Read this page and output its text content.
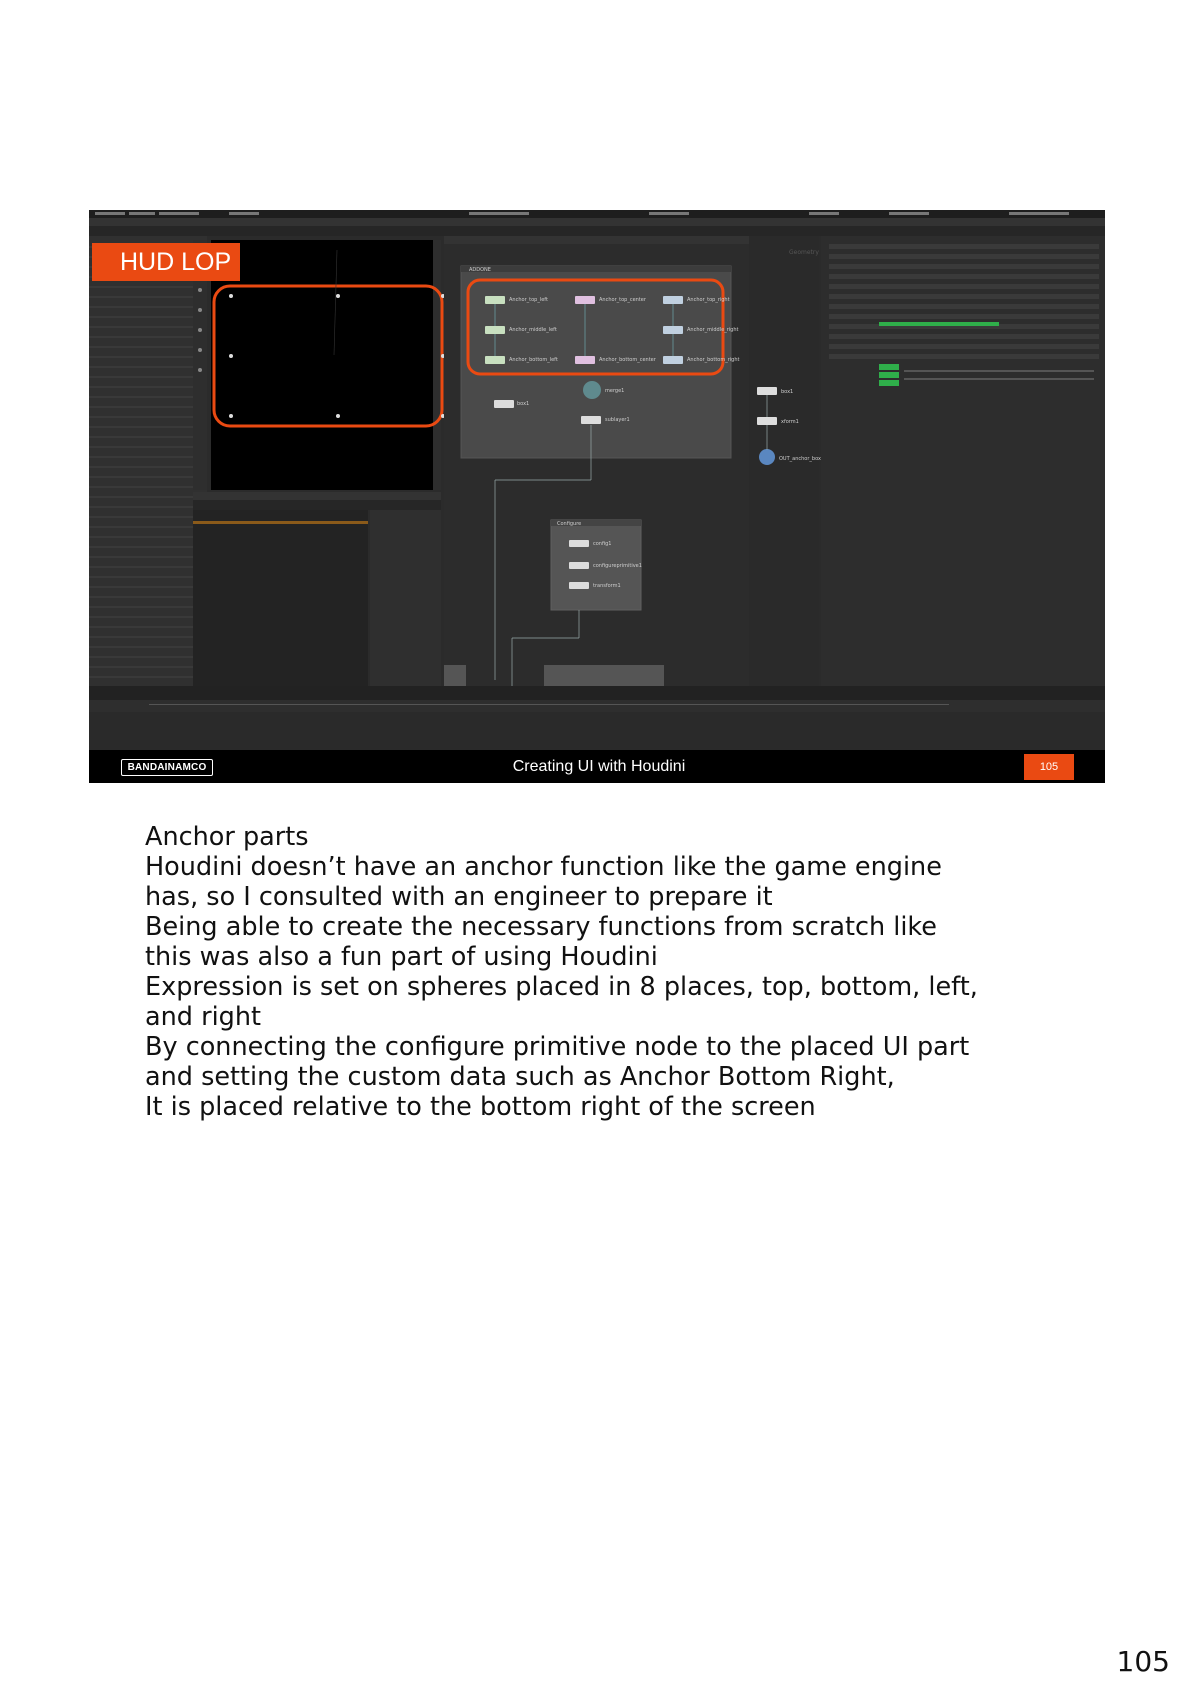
ADDONE
Anchor_top_left	Anchor_top_center	Anchor_top_right
Anchor_middle_left	Anchor_middle_right
Anchor_bottom_left	Anchor_bottom_center	Anchor_bottom_right
merge1
box1
sublayer1
Configure
config1
configureprimitive1
transform1
Geometry
box1
xform1
OUT_anchor_box
HUD LOP
BANDAINAMCO	Creating UI with Houdini	105
Anchor parts
Houdini doesn’t have an anchor function like the game engine
has, so I consulted with an engineer to prepare it
Being able to create the necessary functions from scratch like
this was also a fun part of using Houdini
Expression is set on spheres placed in 8 places, top, bottom, left,
and right
By connecting the configure primitive node to the placed UI part
and setting the custom data such as Anchor Bottom Right,
It is placed relative to the bottom right of the screen
105
